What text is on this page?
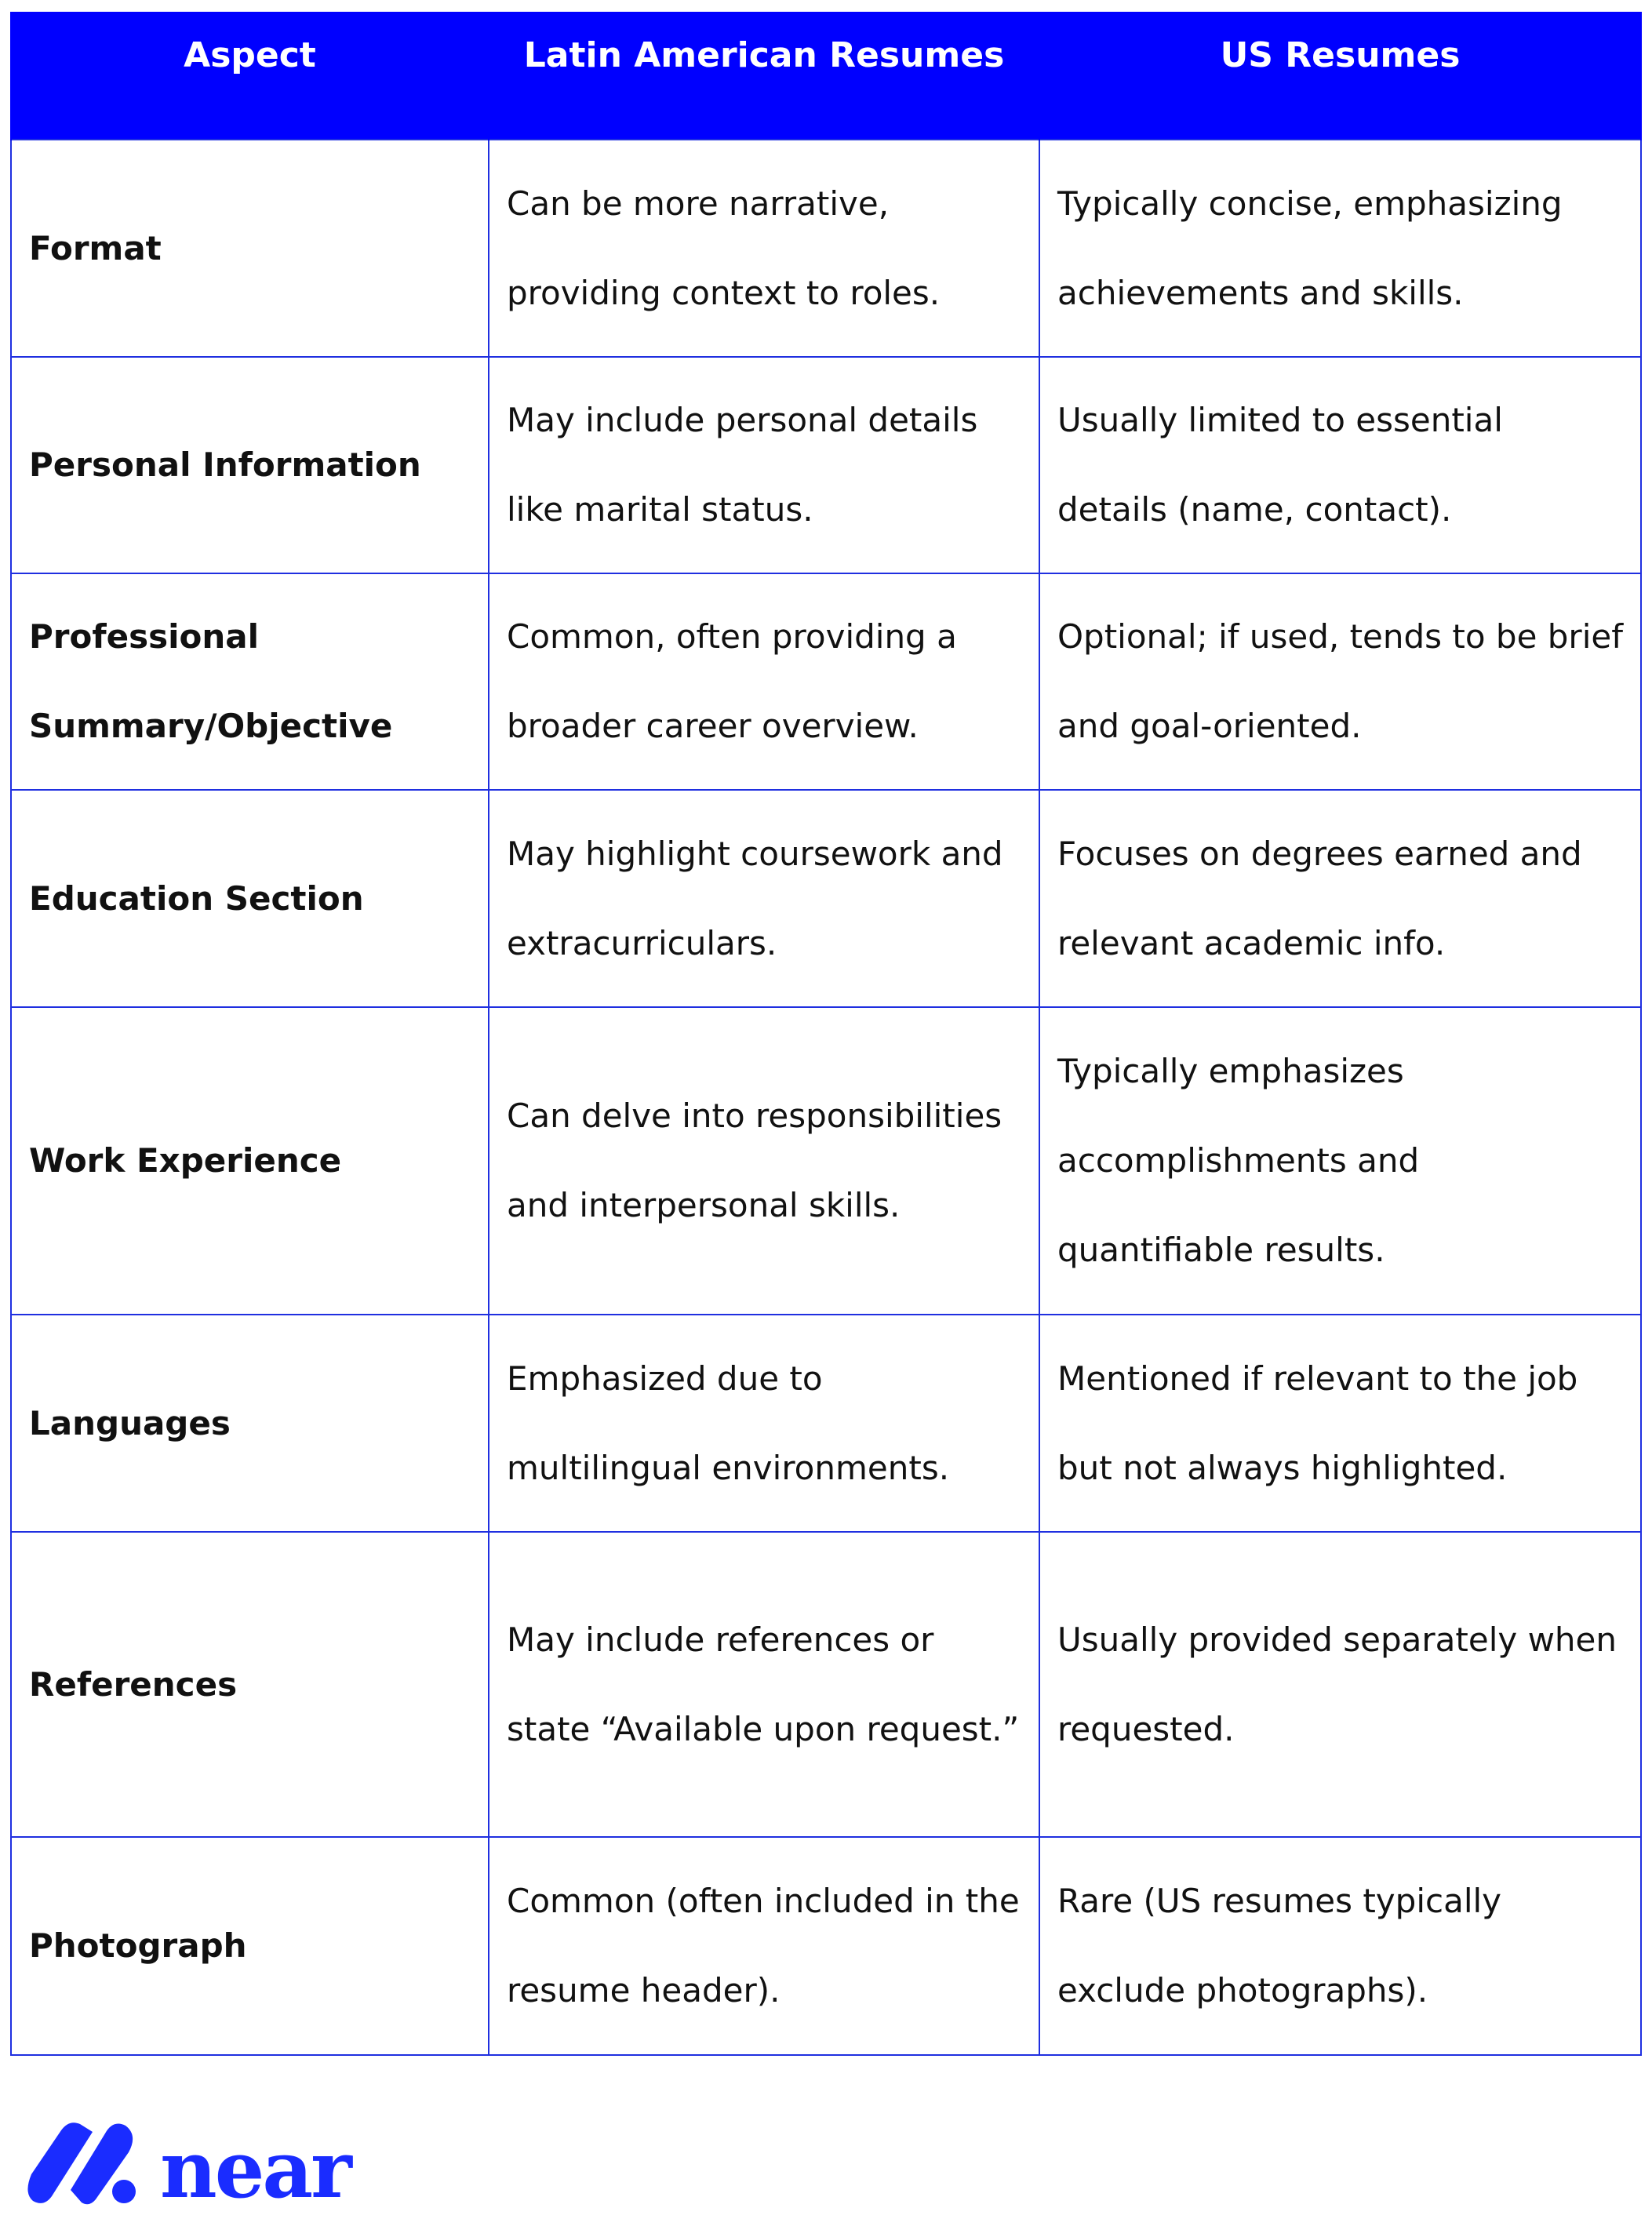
Aspect	Latin American Resumes	US Resumes
Format	Can be more narrative, providing context to roles.	Typically concise, emphasizing achievements and skills.
Personal Information	May include personal details like marital status.	Usually limited to essential details (name, contact).
Professional Summary/Objective	Common, often providing a broader career overview.	Optional; if used, tends to be brief and goal-oriented.
Education Section	May highlight coursework and extracurriculars.	Focuses on degrees earned and relevant academic info.
Work Experience	Can delve into responsibilities and interpersonal skills.	Typically emphasizes accomplishments and quantifiable results.
Languages	Emphasized due to multilingual environments.	Mentioned if relevant to the job but not always highlighted.
References	May include references or state “Available upon request.”	Usually provided separately when requested.
Photograph	Common (often included in the resume header).	Rare (US resumes typically exclude photographs).
near
